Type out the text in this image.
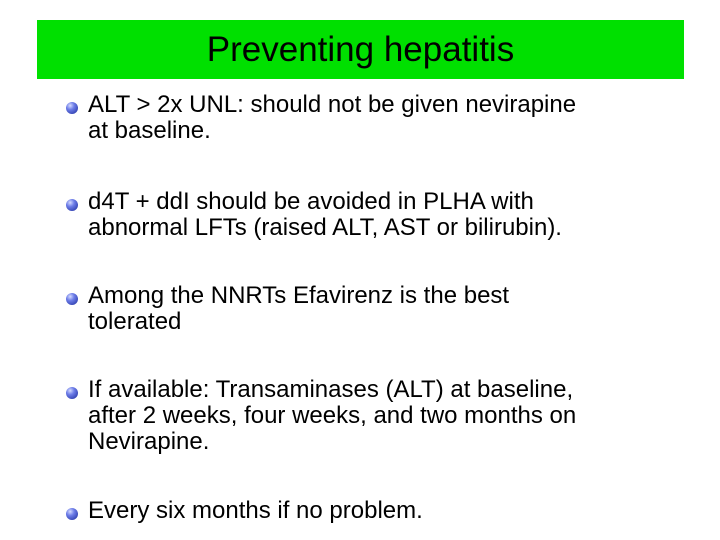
Preventing hepatitis
ALT > 2x UNL: should not be given nevirapine
at baseline.
d4T + ddI should be avoided in PLHA with
abnormal LFTs (raised ALT, AST or bilirubin).
Among the NNRTs Efavirenz is the best
tolerated
If available: Transaminases (ALT) at baseline,
after 2 weeks, four weeks, and two months on
Nevirapine.
Every six months if no problem.
